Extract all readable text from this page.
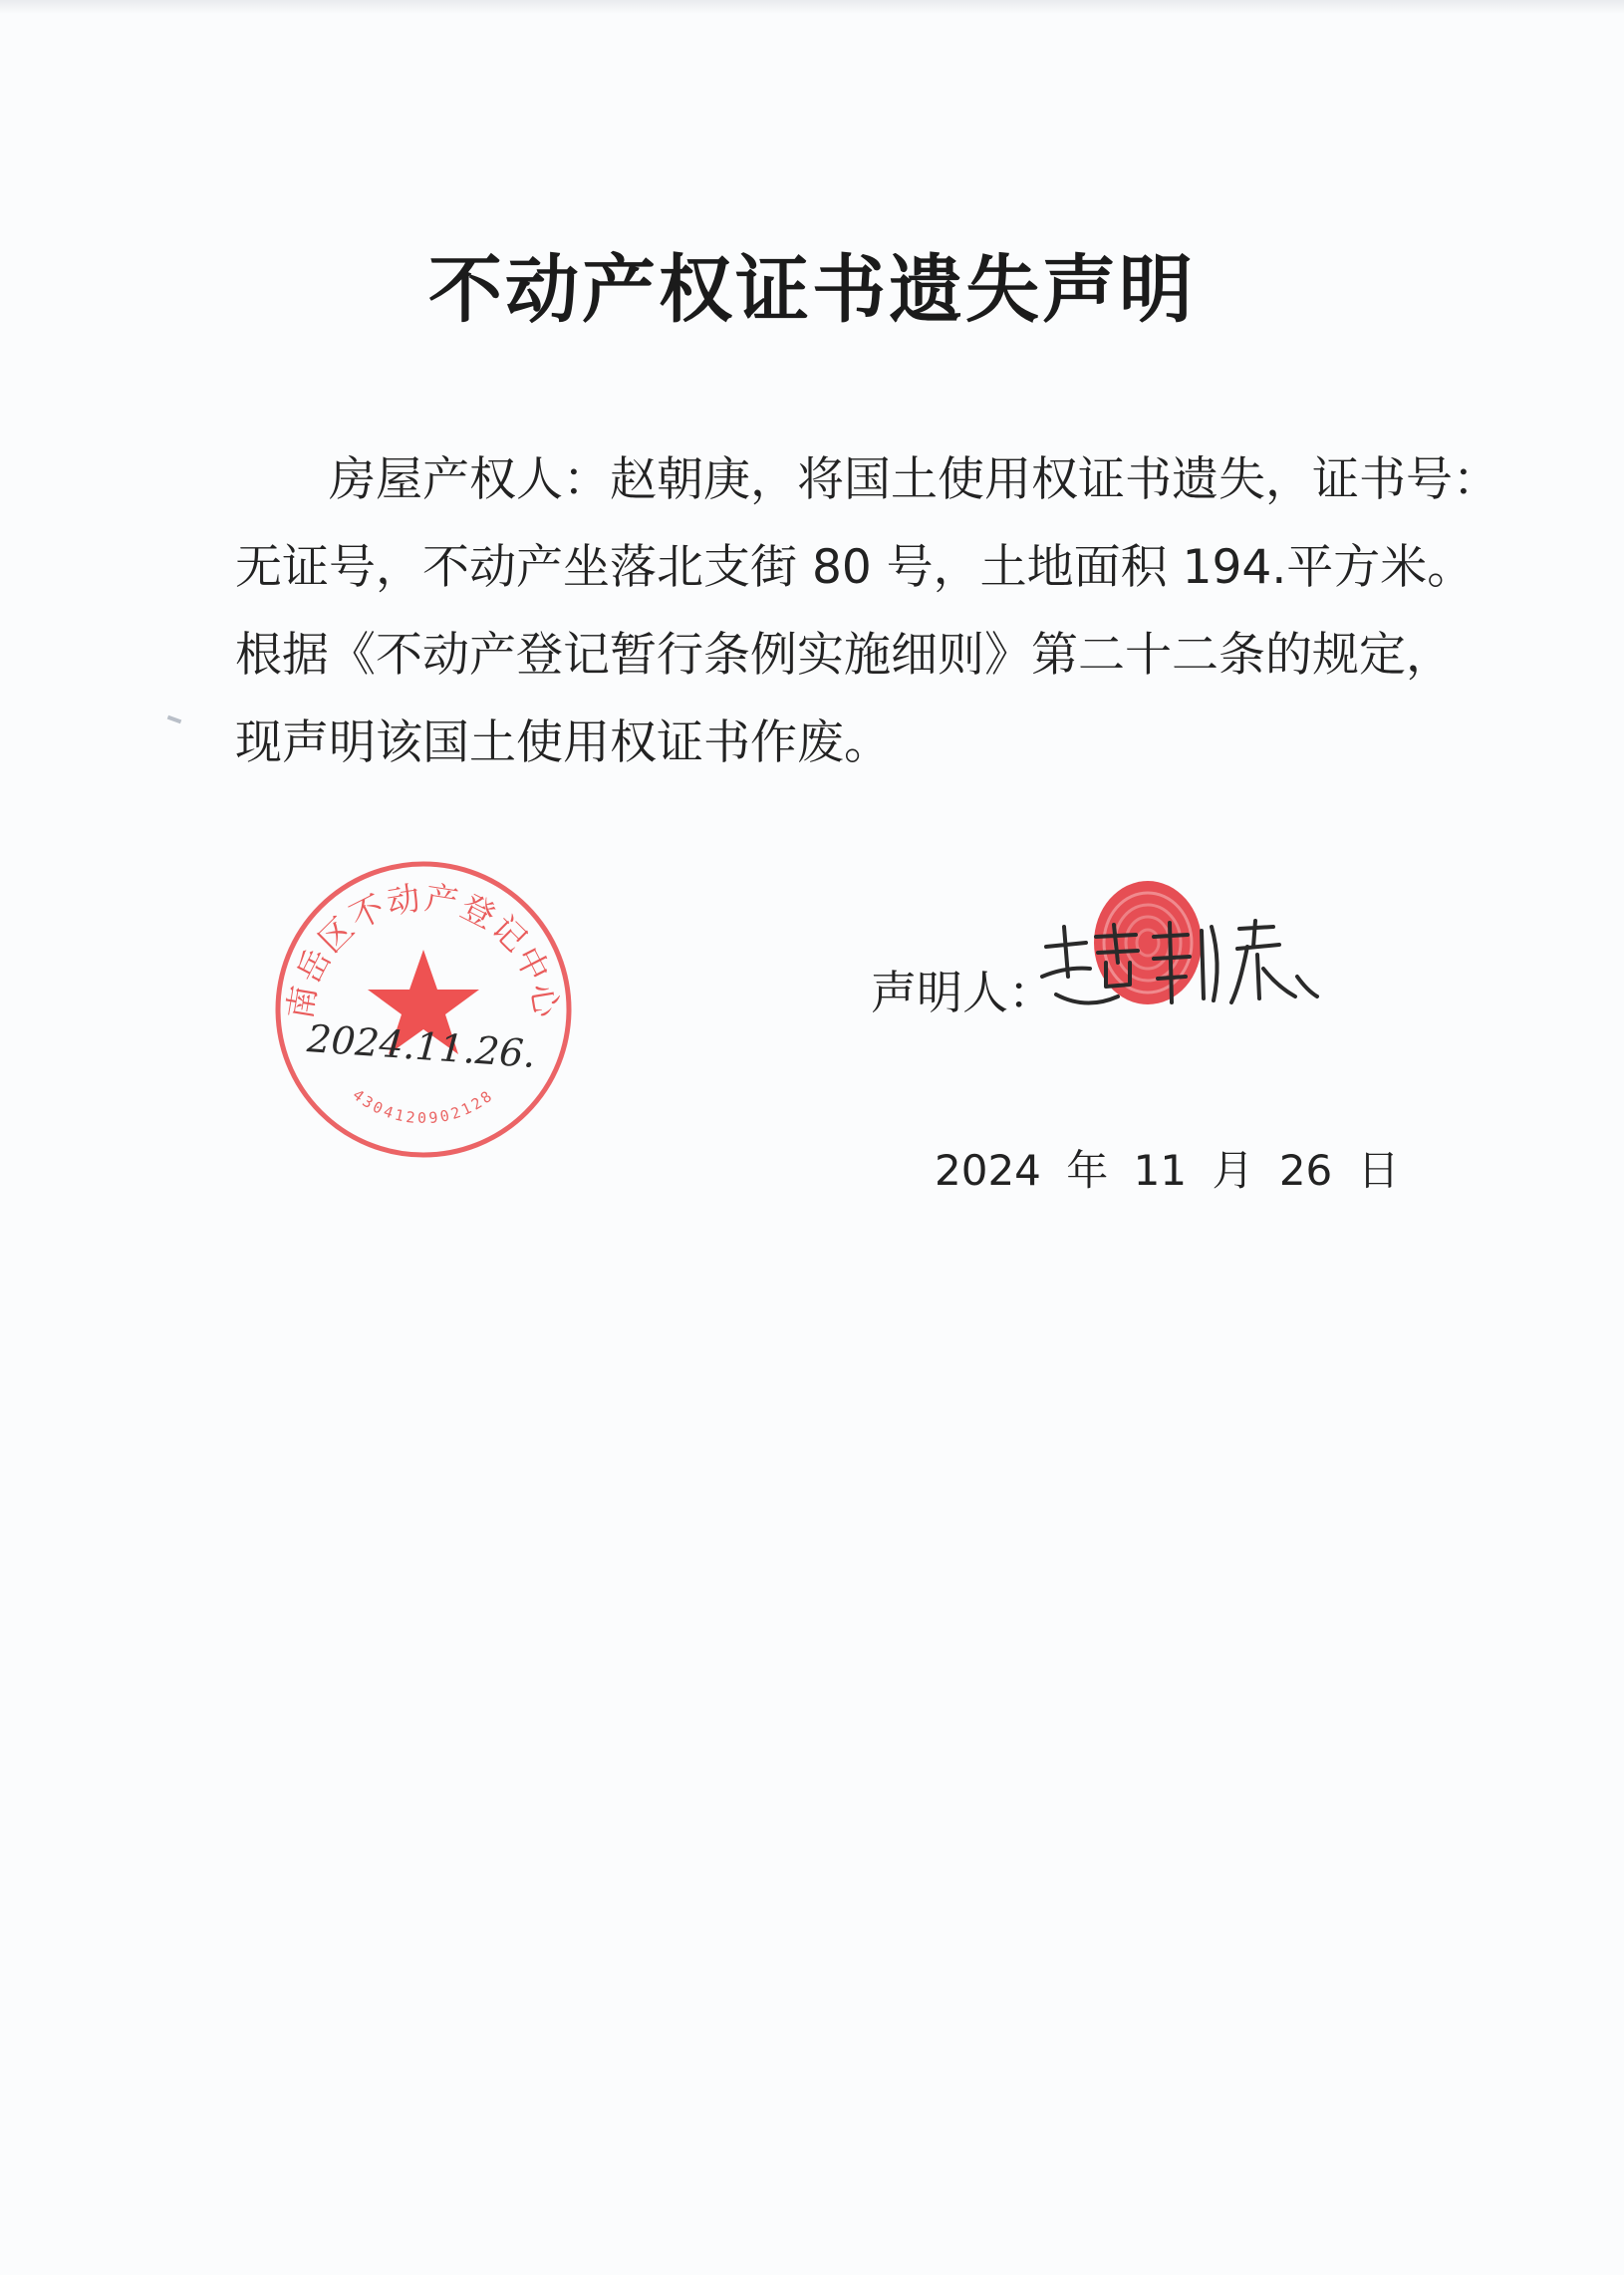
不动产权证书遗失声明
房屋产权人：赵朝庚，将国土使用权证书遗失，证书号：
无证号，不动产坐落北支街 80 号，土地面积 194.平方米。
根据《不动产登记暂行条例实施细则》第二十二条的规定，
现声明该国土使用权证书作废。
南岳区不动产登记中心
4304120902128
2024.11.26.
声明人：
2024 年 11 月 26 日
